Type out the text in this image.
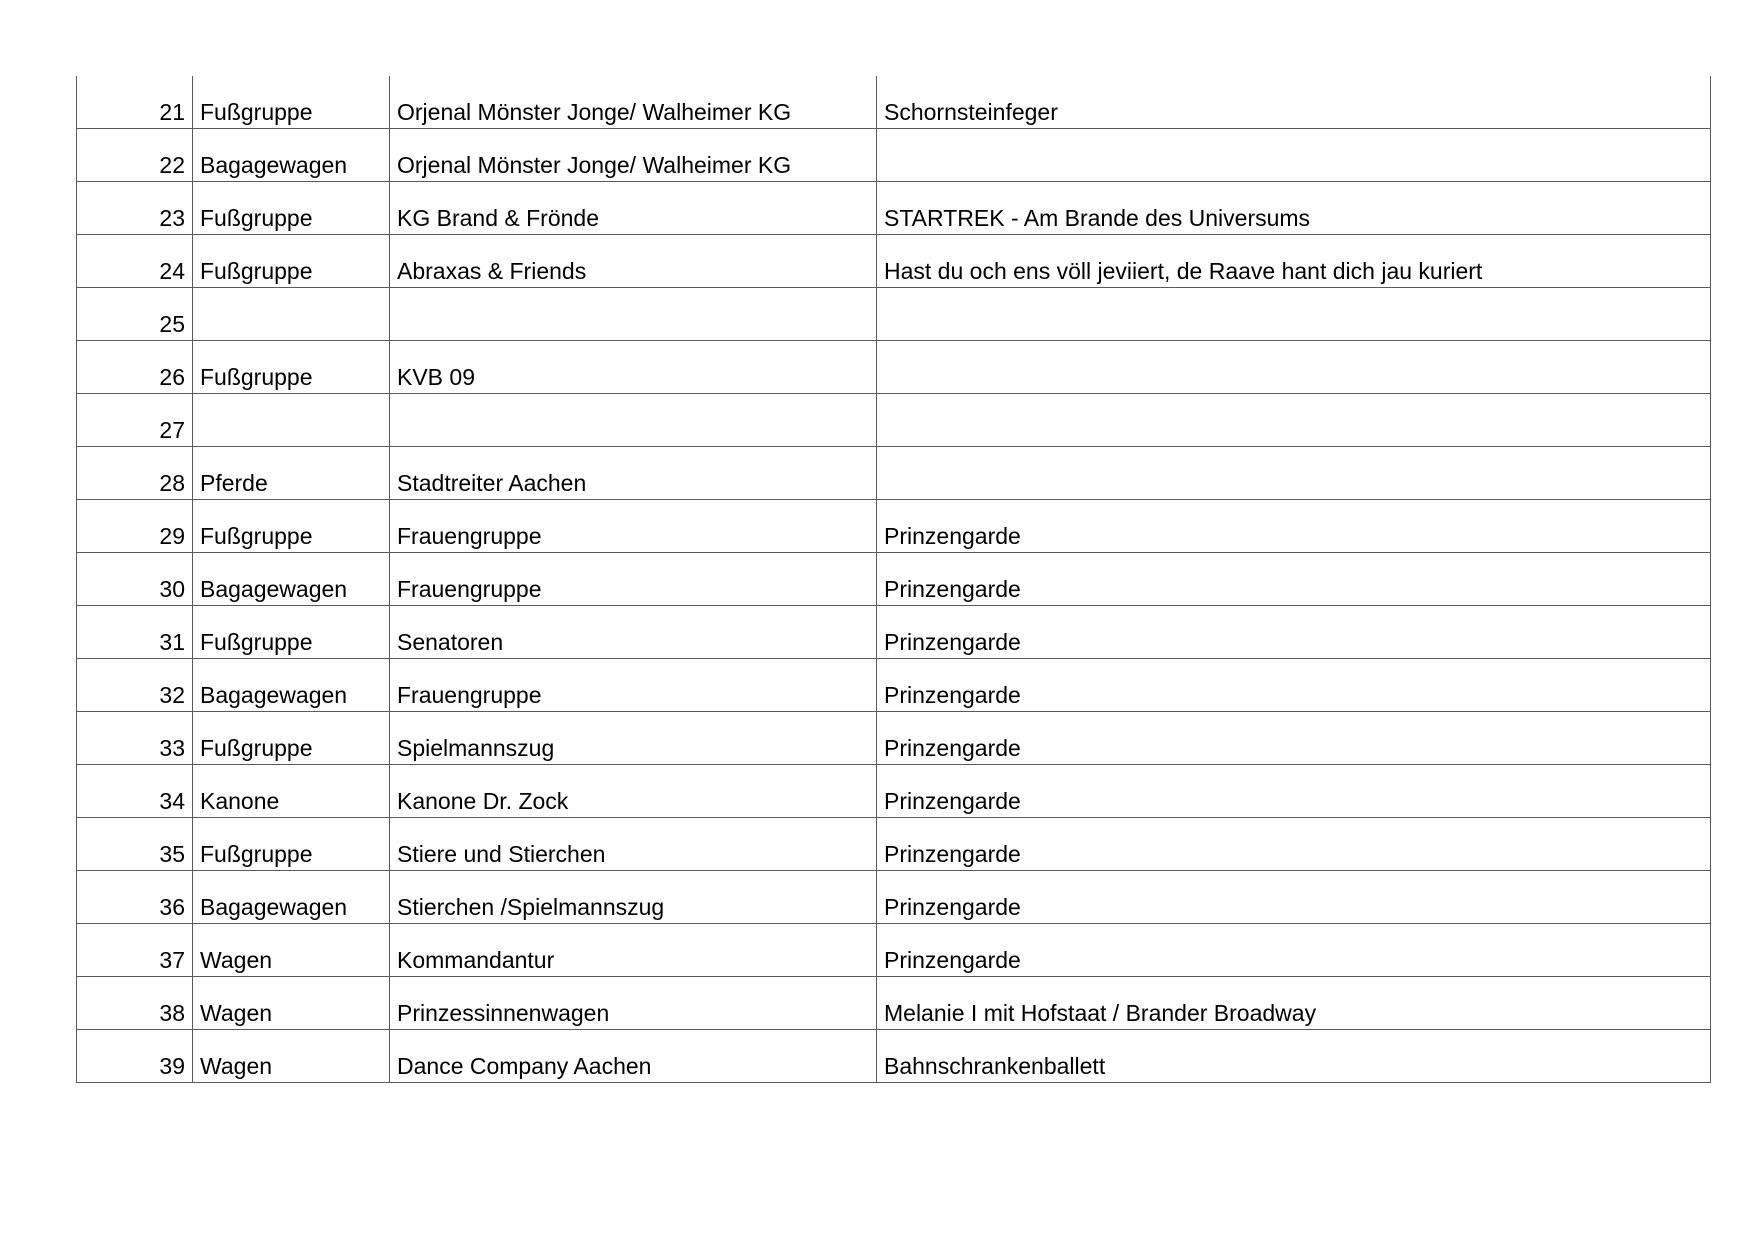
21	Fußgruppe	Orjenal Mönster Jonge/ Walheimer KG	Schornsteinfeger
22	Bagagewagen	Orjenal Mönster Jonge/ Walheimer KG	
23	Fußgruppe	KG Brand & Frönde	STARTREK - Am Brande des Universums
24	Fußgruppe	Abraxas & Friends	Hast du och ens völl jeviiert, de Raave hant dich jau kuriert
25			
26	Fußgruppe	KVB 09	
27			
28	Pferde	Stadtreiter Aachen	
29	Fußgruppe	Frauengruppe	Prinzengarde
30	Bagagewagen	Frauengruppe	Prinzengarde
31	Fußgruppe	Senatoren	Prinzengarde
32	Bagagewagen	Frauengruppe	Prinzengarde
33	Fußgruppe	Spielmannszug	Prinzengarde
34	Kanone	Kanone Dr. Zock	Prinzengarde
35	Fußgruppe	Stiere und Stierchen	Prinzengarde
36	Bagagewagen	Stierchen /Spielmannszug	Prinzengarde
37	Wagen	Kommandantur	Prinzengarde
38	Wagen	Prinzessinnenwagen	Melanie I mit Hofstaat / Brander Broadway
39	Wagen	Dance Company Aachen	Bahnschrankenballett
